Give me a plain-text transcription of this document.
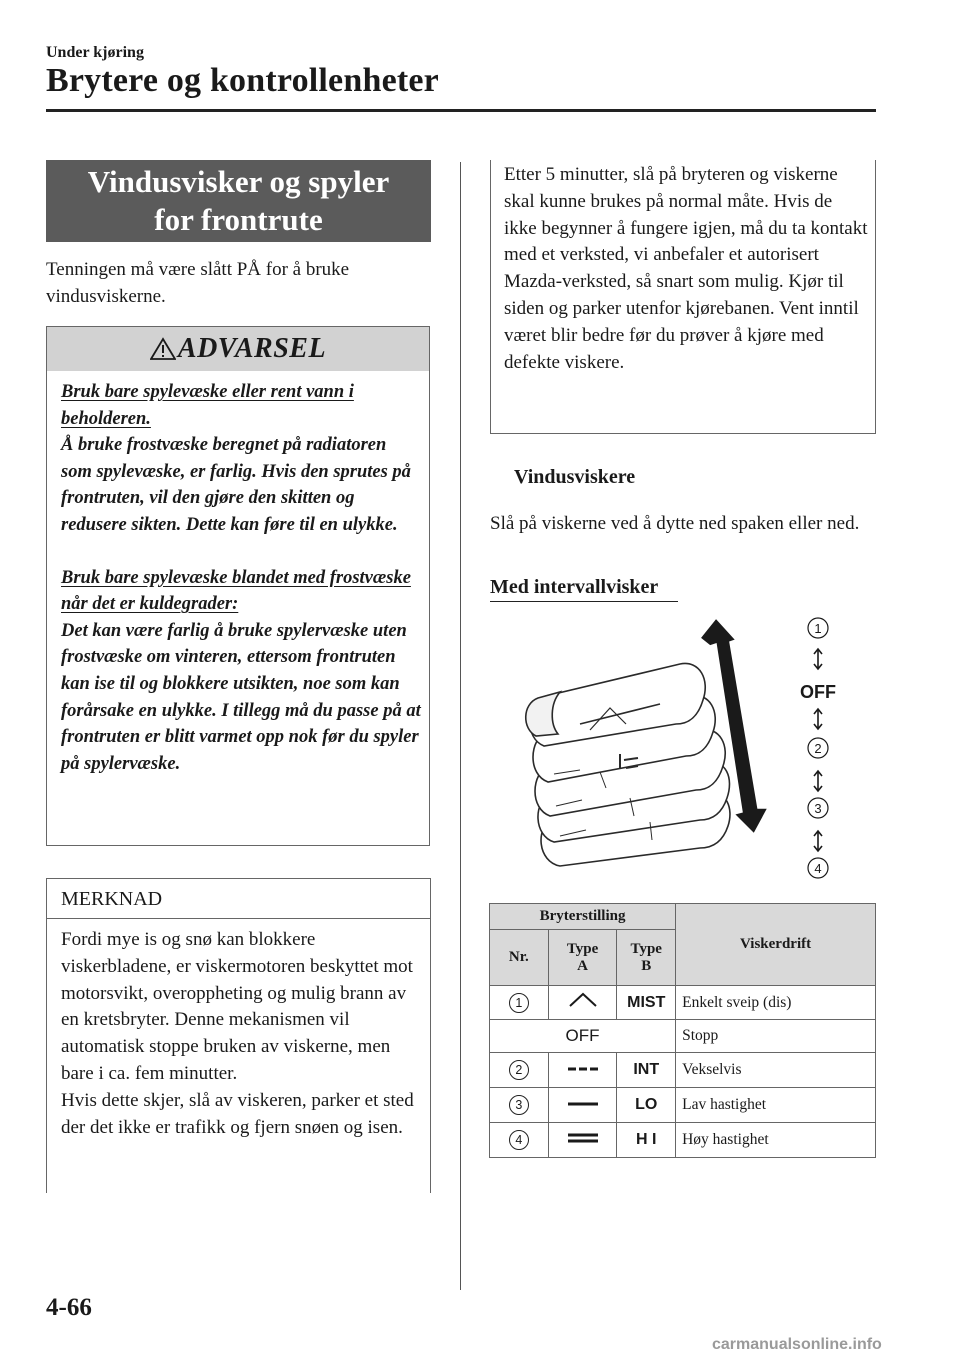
Under kjøring
Brytere og kontrollenheter
Vindusvisker og spyler for frontrute
Tenningen må være slått PÅ for å bruke vindusviskerne.
ADVARSEL

Bruk bare spylevæske eller rent vann i beholderen.

Å bruke frostvæske beregnet på radiatoren som spylevæske, er farlig. Hvis den sprutes på frontruten, vil den gjøre den skitten og redusere sikten. Dette kan føre til en ulykke.

Bruk bare spylevæske blandet med frostvæske når det er kuldegrader:

Det kan være farlig å bruke spylervæske uten frostvæske om vinteren, ettersom frontruten kan ise til og blokkere utsikten, noe som kan forårsake en ulykke. I tillegg må du passe på at frontruten er blitt varmet opp nok før du spyler på spylervæske.

MERKNAD
Fordi mye is og snø kan blokkere viskerbladene, er viskermotoren beskyttet mot motorsvikt, overoppheting og mulig brann av en kretsbryter. Denne mekanismen vil automatisk stoppe bruken av viskerne, men bare i ca. fem minutter.
Hvis dette skjer, slå av viskeren, parker et sted der det ikke er trafikk og fjern snøen og isen.
Etter 5 minutter, slå på bryteren og viskerne skal kunne brukes på normal måte. Hvis de ikke begynner å fungere igjen, må du ta kontakt med et verksted, vi anbefaler et autorisert Mazda-verksted, så snart som mulig. Kjør til siden og parker utenfor kjørebanen. Vent inntil været blir bedre før du prøver å kjøre med defekte viskere.
Vindusviskere
Slå på viskerne ved å dytte ned spaken eller ned.
Med intervallvisker
1
OFF
2
3
4
Bryterstilling			Viskerdrift
Nr.	Type A	Type B	
1		MIST	Enkelt sveip (dis)
OFF			Stopp
2		INT	Vekselvis
3		LO	Lav hastighet
4		H I	Høy hastighet
4-66
carmanualsonline.info
